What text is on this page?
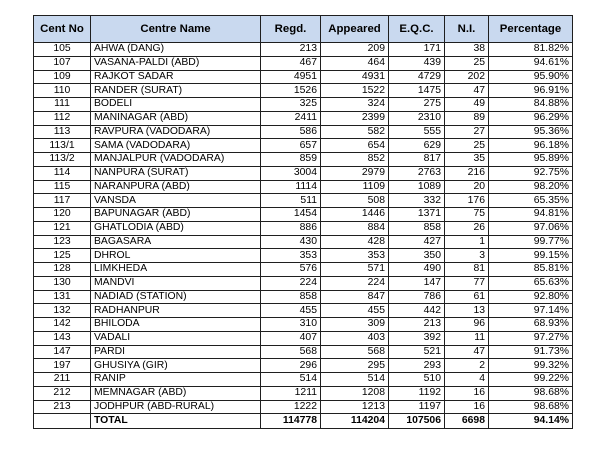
Cent No	Centre Name	Regd.	Appeared	E.Q.C.	N.I.	Percentage
105	AHWA (DANG)	213	209	171	38	81.82%
107	VASANA-PALDI (ABD)	467	464	439	25	94.61%
109	RAJKOT SADAR	4951	4931	4729	202	95.90%
110	RANDER (SURAT)	1526	1522	1475	47	96.91%
111	BODELI	325	324	275	49	84.88%
112	MANINAGAR (ABD)	2411	2399	2310	89	96.29%
113	RAVPURA (VADODARA)	586	582	555	27	95.36%
113/1	SAMA (VADODARA)	657	654	629	25	96.18%
113/2	MANJALPUR (VADODARA)	859	852	817	35	95.89%
114	NANPURA (SURAT)	3004	2979	2763	216	92.75%
115	NARANPURA (ABD)	1114	1109	1089	20	98.20%
117	VANSDA	511	508	332	176	65.35%
120	BAPUNAGAR (ABD)	1454	1446	1371	75	94.81%
121	GHATLODIA (ABD)	886	884	858	26	97.06%
123	BAGASARA	430	428	427	1	99.77%
125	DHROL	353	353	350	3	99.15%
128	LIMKHEDA	576	571	490	81	85.81%
130	MANDVI	224	224	147	77	65.63%
131	NADIAD (STATION)	858	847	786	61	92.80%
132	RADHANPUR	455	455	442	13	97.14%
142	BHILODA	310	309	213	96	68.93%
143	VADALI	407	403	392	11	97.27%
147	PARDI	568	568	521	47	91.73%
197	GHUSIYA (GIR)	296	295	293	2	99.32%
211	RANIP	514	514	510	4	99.22%
212	MEMNAGAR (ABD)	1211	1208	1192	16	98.68%
213	JODHPUR (ABD-RURAL)	1222	1213	1197	16	98.68%
	TOTAL	114778	114204	107506	6698	94.14%
